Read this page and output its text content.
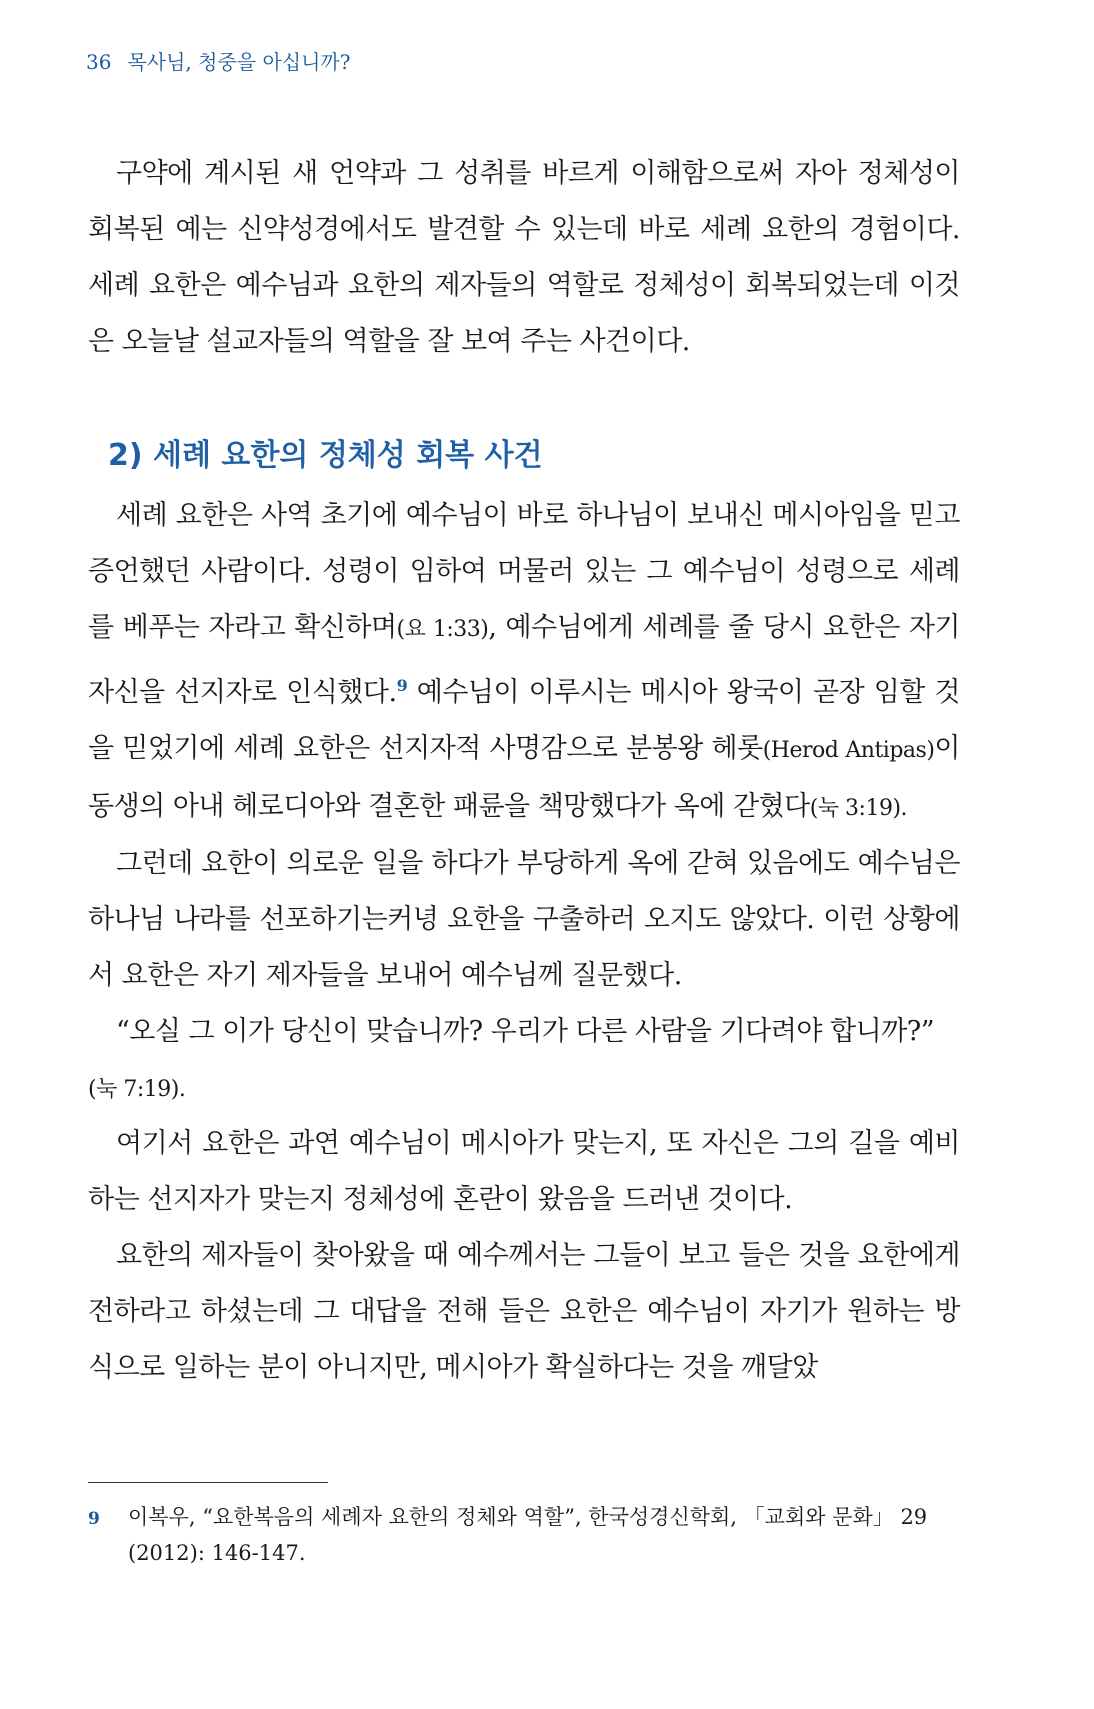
36 목사님, 청중을 아십니까?

구약에 계시된 새 언약과 그 성취를 바르게 이해함으로써 자아 정체성이 회복된 예는 신약성경에서도 발견할 수 있는데 바로 세례 요한의 경험이다. 세례 요한은 예수님과 요한의 제자들의 역할로 정체성이 회복되었는데 이것은 오늘날 설교자들의 역할을 잘 보여 주는 사건이다.

2) 세례 요한의 정체성 회복 사건

세례 요한은 사역 초기에 예수님이 바로 하나님이 보내신 메시아임을 믿고 증언했던 사람이다. 성령이 임하여 머물러 있는 그 예수님이 성령으로 세례를 베푸는 자라고 확신하며(요 1:33), 예수님에게 세례를 줄 당시 요한은 자기 자신을 선지자로 인식했다.$^9$ 예수님이 이루시는 메시아 왕국이 곧장 임할 것을 믿었기에 세례 요한은 선지자적 사명감으로 분봉왕 헤롯(Herod Antipas)이 동생의 아내 헤로디아와 결혼한 패륜을 책망했다가 옥에 갇혔다(눅 3:19).

그런데 요한이 의로운 일을 하다가 부당하게 옥에 갇혀 있음에도 예수님은 하나님 나라를 선포하기는커녕 요한을 구출하러 오지도 않았다. 이런 상황에서 요한은 자기 제자들을 보내어 예수님께 질문했다.

“오실 그 이가 당신이 맞습니까? 우리가 다른 사람을 기다려야 합니까?”
(눅 7:19).

여기서 요한은 과연 예수님이 메시아가 맞는지, 또 자신은 그의 길을 예비하는 선지자가 맞는지 정체성에 혼란이 왔음을 드러낸 것이다.

요한의 제자들이 찾아왔을 때 예수께서는 그들이 보고 들은 것을 요한에게 전하라고 하셨는데 그 대답을 전해 들은 요한은 예수님이 자기가 원하는 방식으로 일하는 분이 아니지만, 메시아가 확실하다는 것을 깨달았

9 이복우, “요한복음의 세례자 요한의 정체와 역할”, 한국성경신학회, 「교회와 문화」 29
(2012): 146-147.
